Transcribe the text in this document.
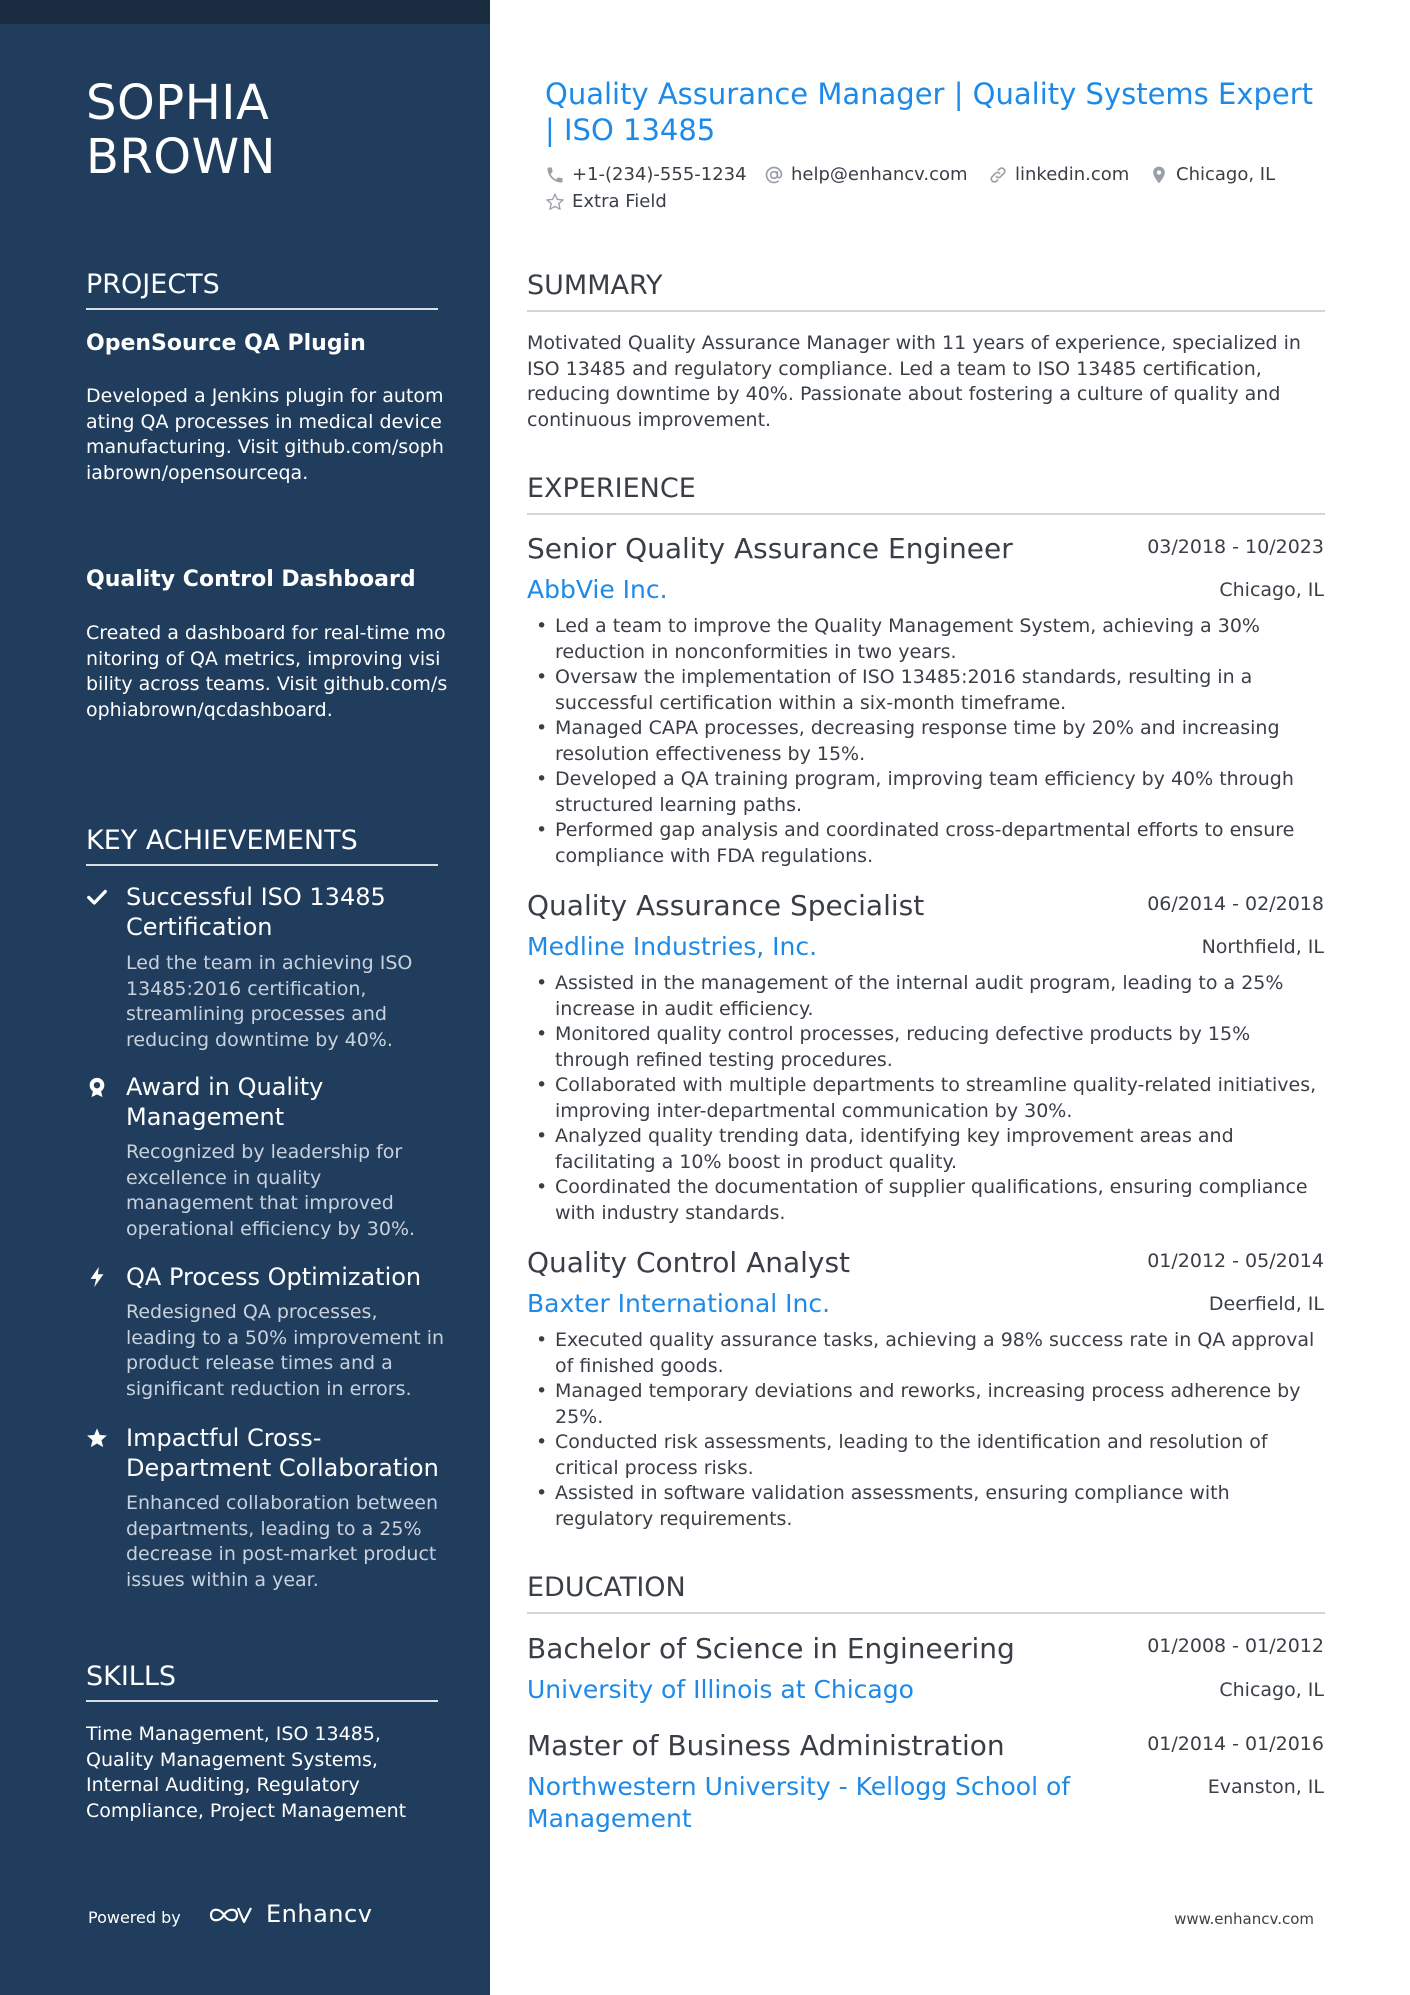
SOPHIA BROWN
PROJECTS
OpenSource QA Plugin
Developed a Jenkins plugin for automating QA processes in medical device manufacturing. Visit github.com/sophiabrown/opensourceqa.
Quality Control Dashboard
Created a dashboard for real-time monitoring of QA metrics, improving visibility across teams. Visit github.com/sophiabrown/qcdashboard.
KEY ACHIEVEMENTS
Successful ISO 13485 Certification
Led the team in achieving ISO 13485:2016 certification, streamlining processes and reducing downtime by 40%.
Award in Quality Management
Recognized by leadership for excellence in quality management that improved operational efficiency by 30%.
QA Process Optimization
Redesigned QA processes, leading to a 50% improvement in product release times and a significant reduction in errors.
Impactful Cross-Department Collaboration
Enhanced collaboration between departments, leading to a 25% decrease in post-market product issues within a year.
SKILLS
Time Management, ISO 13485, Quality Management Systems, Internal Auditing, Regulatory Compliance, Project Management
Powered by	Enhancv
Quality Assurance Manager | Quality Systems Expert | ISO 13485
+1-(234)-555-1234 help@enhancv.com	linkedin.com	Chicago, IL
Extra Field
SUMMARY
Motivated Quality Assurance Manager with 11 years of experience, specialized in ISO 13485 and regulatory compliance. Led a team to ISO 13485 certification, reducing downtime by 40%. Passionate about fostering a culture of quality and continuous improvement.
EXPERIENCE
Senior Quality Assurance Engineer	03/2018 - 10/2023
AbbVie Inc.	Chicago, IL
• Led a team to improve the Quality Management System, achieving a 30% reduction in nonconformities in two years.
• Oversaw the implementation of ISO 13485:2016 standards, resulting in a successful certification within a six-month timeframe.
• Managed CAPA processes, decreasing response time by 20% and increasing resolution effectiveness by 15%.
• Developed a QA training program, improving team efficiency by 40% through structured learning paths.
• Performed gap analysis and coordinated cross-departmental efforts to ensure compliance with FDA regulations.
Quality Assurance Specialist	06/2014 - 02/2018
Medline Industries, Inc.	Northfield, IL
• Assisted in the management of the internal audit program, leading to a 25% increase in audit efficiency.
• Monitored quality control processes, reducing defective products by 15% through refined testing procedures.
• Collaborated with multiple departments to streamline quality-related initiatives, improving inter-departmental communication by 30%.
• Analyzed quality trending data, identifying key improvement areas and facilitating a 10% boost in product quality.
• Coordinated the documentation of supplier qualifications, ensuring compliance with industry standards.
Quality Control Analyst	01/2012 - 05/2014
Baxter International Inc.	Deerfield, IL
• Executed quality assurance tasks, achieving a 98% success rate in QA approval of finished goods.
• Managed temporary deviations and reworks, increasing process adherence by 25%.
• Conducted risk assessments, leading to the identification and resolution of critical process risks.
• Assisted in software validation assessments, ensuring compliance with regulatory requirements.
EDUCATION
Bachelor of Science in Engineering	01/2008 - 01/2012
University of Illinois at Chicago	Chicago, IL
Master of Business Administration	01/2014 - 01/2016
Northwestern University - Kellogg School of Management
Evanston, IL
www.enhancv.com
